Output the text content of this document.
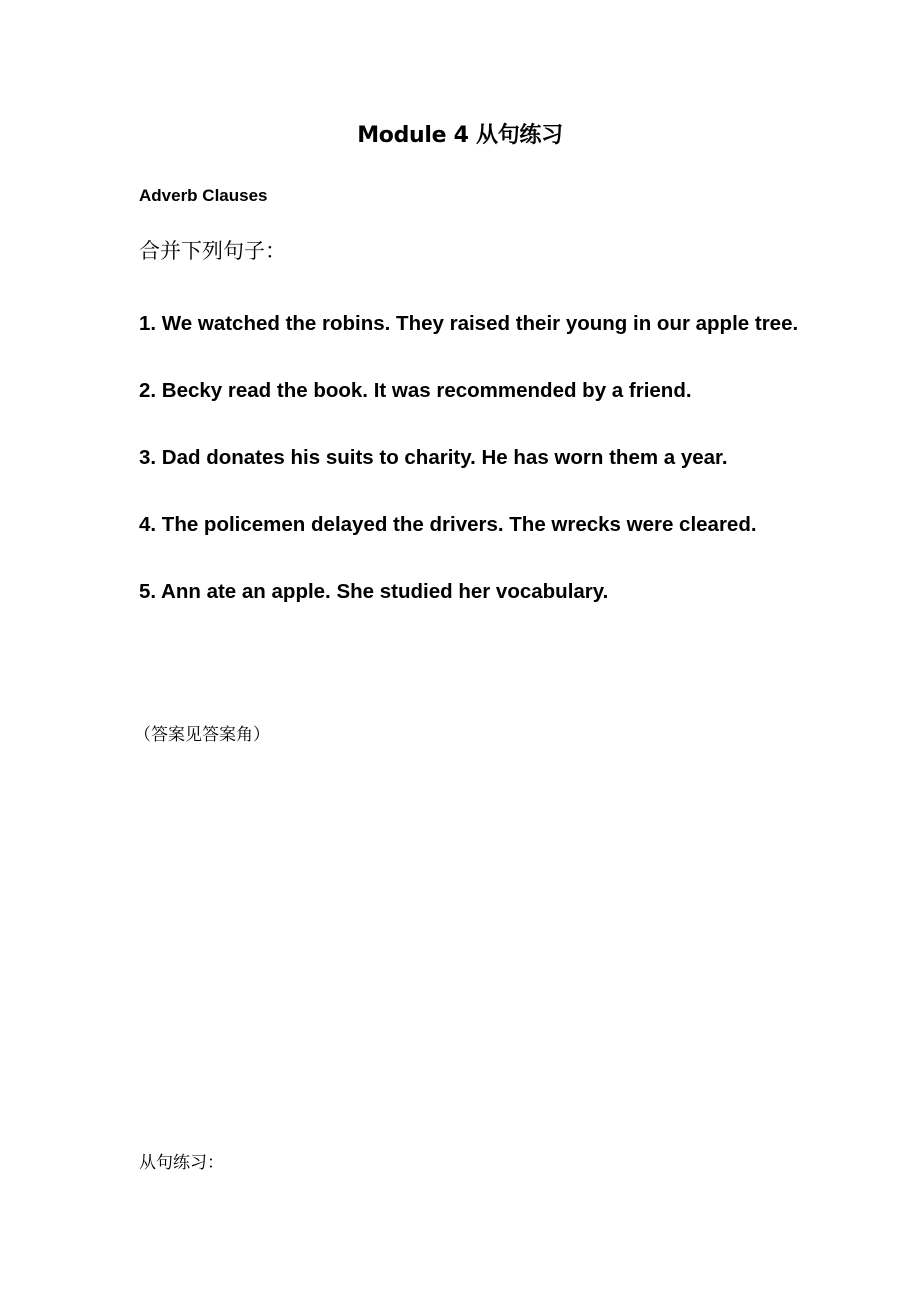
Module 4 从句练习
Adverb Clauses
合并下列句子：
1. We watched the robins. They raised their young in our apple tree.
2. Becky read the book. It was recommended by a friend.
3. Dad donates his suits to charity. He has worn them a year.
4. The policemen delayed the drivers. The wrecks were cleared.
5. Ann ate an apple. She studied her vocabulary.
（答案见答案角）
从句练习：
